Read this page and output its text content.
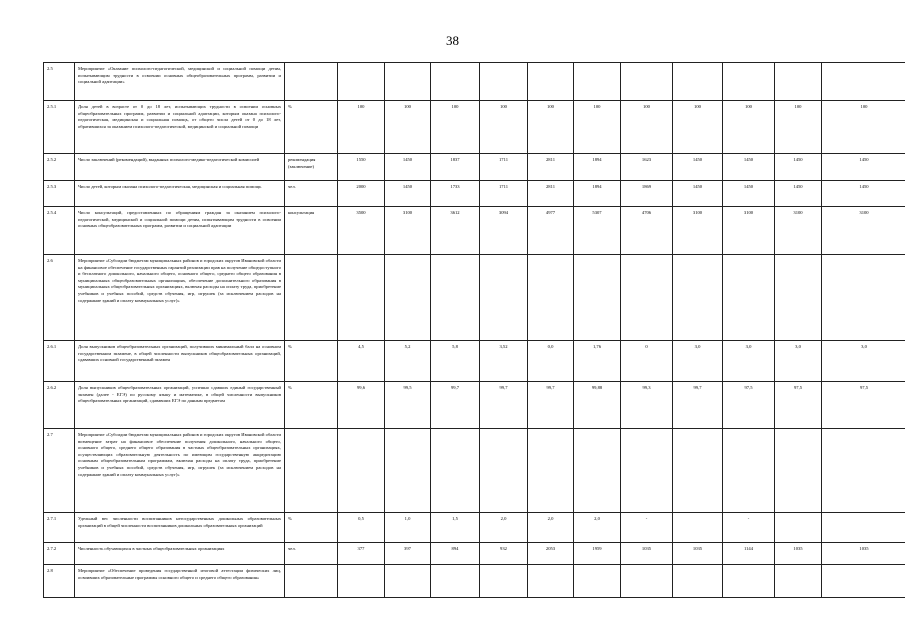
38
2.5	Мероприятие «Оказание психолого-педагогической, медицинской и социальной помощи детям, испытывающим трудности в освоении основных общеобразовательных программ, развитии и социальной адаптации»													
2.5.1	Доля детей в возрасте от 0 до 18 лет, испытывающих трудности в освоении основных общеобразовательных программ, развитии и социальной адаптации, которым оказана психолого-педагогическая, медицинская и социальная помощь, от общего числа детей от 0 до 18 лет, обратившихся за оказанием психолого-педагогической, медицинской и социальной помощи	%	100	100	100	100	100	100	100	100	100	100	100	
2.5.2	Число заключений (рекомендаций), выданных психолого-медико-педагогической комиссией	рекомендация (заключение)	1550	1450	1837	1711	2811	1894	1623	1450	1450	1450	1450	
2.5.3	Число детей, которым оказана психолого-педагогическая, медицинская и социальная помощь	чел.	2000	1450	1733	1711	2811	1894	1869	1450	1450	1450	1450	
2.5.4	Число консультаций, предоставленных по обращениям граждан за оказанием психолого-педагогической, медицинской и социальной помощи детям, испытывающим трудности в освоении основных общеобразовательных программ, развитии и социальной адаптации	консультация	3500	3100	3612	3094	4977	5307	4706	3100	3100	3100	3100	
2.6	Мероприятие «Субсидии бюджетам муниципальных районов и городских округов Ивановской области на финансовое обеспечение государственных гарантий реализации прав на получение общедоступного и бесплатного дошкольного, начального общего, основного общего, среднего общего образования в муниципальных общеобразовательных организациях, обеспечение дополнительного образования в муниципальных общеобразовательных организациях, включая расходы на оплату труда, приобретение учебников и учебных пособий, средств обучения, игр, игрушек (за исключением расходов на содержание зданий и оплату коммунальных услуг)»													
2.6.1	Доля выпускников общеобразовательных организаций, получивших минимальный балл на основном государственном экзамене, в общей численности выпускников общеобразовательных организаций, сдававших основной государственный экзамен	%	4,5	5,2	5,8	3,52	0,0	1,76	0	3,0	3,0	3,0	3,0	
2.6.2	Доля выпускников общеобразовательных организаций, успешно сдавших единый государственный экзамен (далее - ЕГЭ) по русскому языку и математике, в общей численности выпускников общеобразовательных организаций, сдававших ЕГЭ по данным предметам	%	99,6	99,5	99,7	99,7	99,7	99,88	99,3	99,7	97,5	97,5	97,5	
2.7	Мероприятие «Субсидии бюджетам муниципальных районов и городских округов Ивановской области возмещение затрат на финансовое обеспечение получения дошкольного, начального общего, основного общего, среднего общего образования в частных общеобразовательных организациях, осуществляющих образовательную деятельность по имеющим государственную аккредитацию основным общеобразовательным программам, включая расходы на оплату труда, приобретение учебников и учебных пособий, средств обучения, игр, игрушек (за исключением расходов на содержание зданий и оплату коммунальных услуг)»													
2.7.1	Удельный вес численности воспитанников негосударственных дошкольных образовательных организаций в общей численности воспитанников дошкольных образовательных организаций	%	0,5	1,0	1,5	2,0	2,0	2,0	-		-			
2.7.2	Численность обучающихся в частных общеобразовательных организациях	чел.	377	397	894	932	2053	1959	1035	1035	1144	1035	1035	
2.8	Мероприятие «Обеспечение проведения государственной итоговой аттестации физических лиц, освоивших образовательные программы основного общего и среднего общего образования»													
